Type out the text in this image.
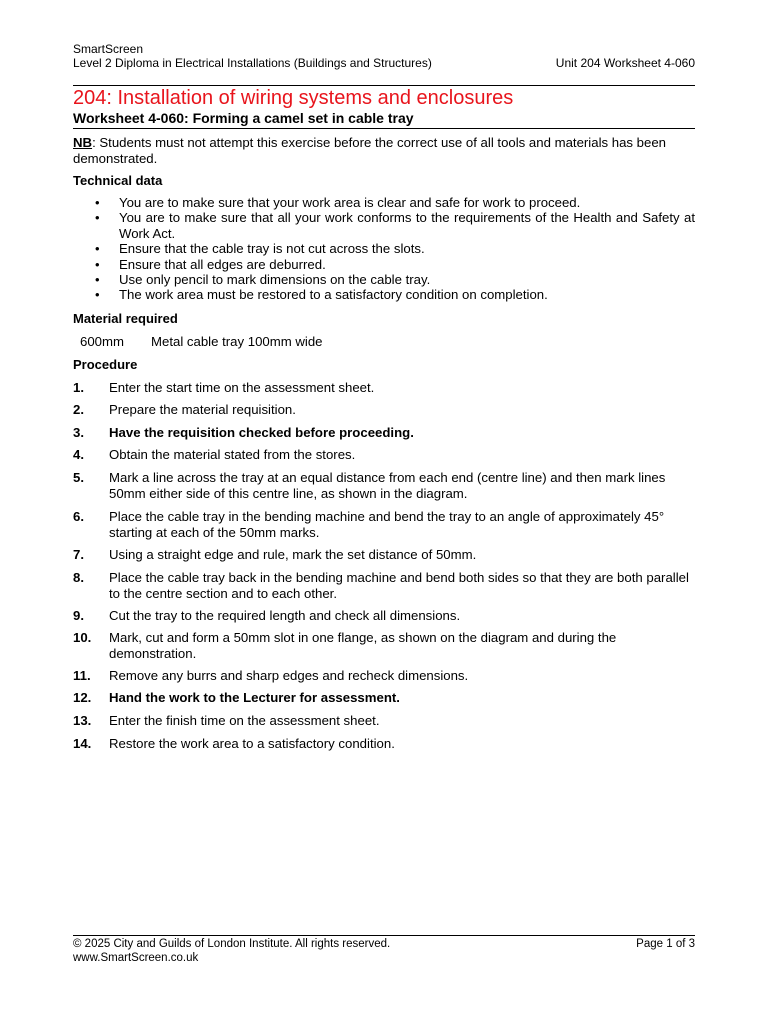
SmartScreen
Level 2 Diploma in Electrical Installations (Buildings and Structures)	Unit 204 Worksheet 4-060
204: Installation of wiring systems and enclosures
Worksheet 4-060: Forming a camel set in cable tray
NB: Students must not attempt this exercise before the correct use of all tools and materials has been demonstrated.
Technical data
• You are to make sure that your work area is clear and safe for work to proceed.
• You are to make sure that all your work conforms to the requirements of the Health and Safety at Work Act.
• Ensure that the cable tray is not cut across the slots.
• Ensure that all edges are deburred.
• Use only pencil to mark dimensions on the cable tray.
• The work area must be restored to a satisfactory condition on completion.
Material required
600mm Metal cable tray 100mm wide
Procedure
1. Enter the start time on the assessment sheet.
2. Prepare the material requisition.
3. Have the requisition checked before proceeding.
4. Obtain the material stated from the stores.
5. Mark a line across the tray at an equal distance from each end (centre line) and then mark lines 50mm either side of this centre line, as shown in the diagram.
6. Place the cable tray in the bending machine and bend the tray to an angle of approximately 45° starting at each of the 50mm marks.
7. Using a straight edge and rule, mark the set distance of 50mm.
8. Place the cable tray back in the bending machine and bend both sides so that they are both parallel to the centre section and to each other.
9. Cut the tray to the required length and check all dimensions.
10. Mark, cut and form a 50mm slot in one flange, as shown on the diagram and during the demonstration.
11. Remove any burrs and sharp edges and recheck dimensions.
12. Hand the work to the Lecturer for assessment.
13. Enter the finish time on the assessment sheet.
14. Restore the work area to a satisfactory condition.
© 2025 City and Guilds of London Institute. All rights reserved.	Page 1 of 3
www.SmartScreen.co.uk
